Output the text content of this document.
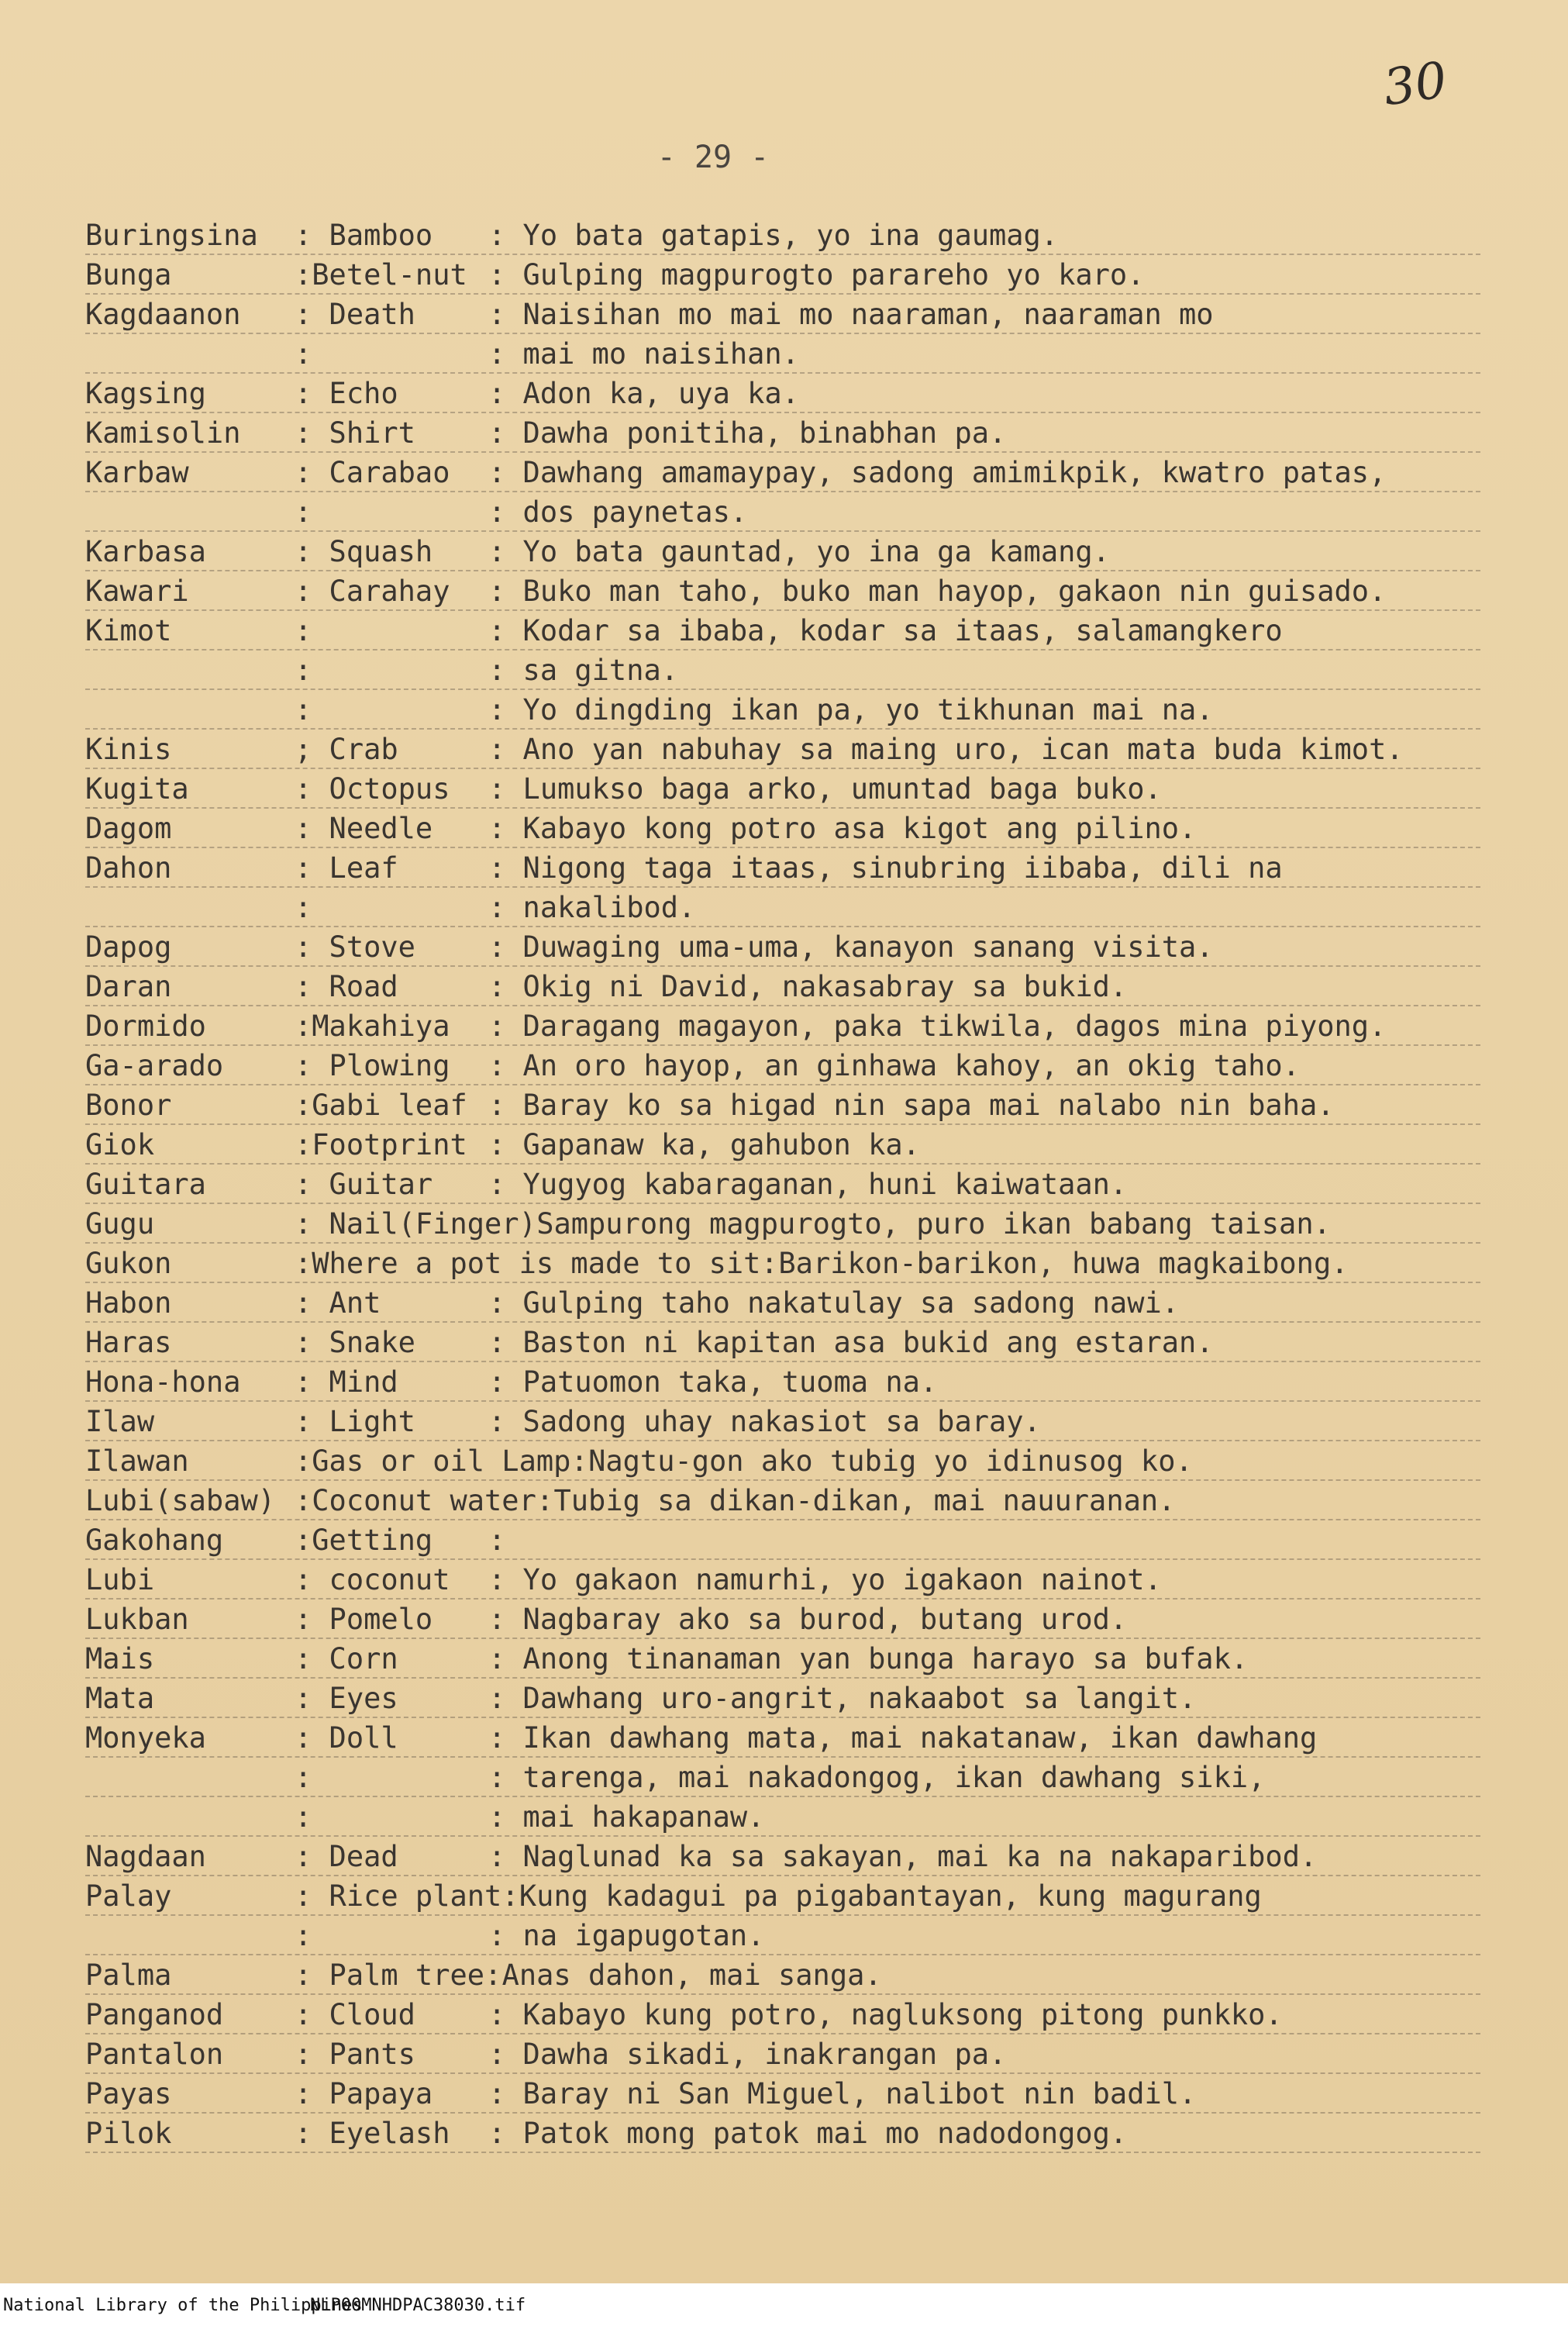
30
- 29 -
Buringsina	: Bamboo	: Yo bata gatapis, yo ina gaumag.
Bunga	:Betel-nut : Gulping magpurogto parareho yo karo.
Kagdaanon	: Death	: Naisihan mo mai mo naaraman, naaraman mo
:	: mai mo naisihan.
Kagsing	: Echo	: Adon ka, uya ka.
Kamisolin	: Shirt	: Dawha ponitiha, binabhan pa.
Karbaw	: Carabao	: Dawhang amamaypay, sadong amimikpik, kwatro patas,
:	: dos paynetas.
Karbasa	: Squash	: Yo bata gauntad, yo ina ga kamang.
Kawari	: Carahay	: Buko man taho, buko man hayop, gakaon nin guisado.
Kimot	:	: Kodar sa ibaba, kodar sa itaas, salamangkero
:	: sa gitna.
:	: Yo dingding ikan pa, yo tikhunan mai na.
Kinis	; Crab	: Ano yan nabuhay sa maing uro, ican mata buda kimot.
Kugita	: Octopus	: Lumukso baga arko, umuntad baga buko.
Dagom	: Needle	: Kabayo kong potro asa kigot ang pilino.
Dahon	: Leaf	: Nigong taga itaas, sinubring iibaba, dili na
:	: nakalibod.
Dapog	: Stove	: Duwaging uma-uma, kanayon sanang visita.
Daran	: Road	: Okig ni David, nakasabray sa bukid.
Dormido	:Makahiya	: Daragang magayon, paka tikwila, dagos mina piyong.
Ga-arado	: Plowing	: An oro hayop, an ginhawa kahoy, an okig taho.
Bonor	:Gabi leaf : Baray ko sa higad nin sapa mai nalabo nin baha.
Giok	:Footprint : Gapanaw ka, gahubon ka.
Guitara	: Guitar	: Yugyog kabaraganan, huni kaiwataan.
Gugu	: Nail(Finger) Sampurong magpurogto, puro ikan babang taisan.
Gukon	:Where a pot is made to sit: Barikon-barikon, huwa magkaibong.
Habon	: Ant	: Gulping taho nakatulay sa sadong nawi.
Haras	: Snake	: Baston ni kapitan asa bukid ang estaran.
Hona-hona	: Mind	: Patuomon taka, tuoma na.
Ilaw	: Light	: Sadong uhay nakasiot sa baray.
Ilawan	:Gas or oil Lamp: Nagtu-gon ako tubig yo idinusog ko.
Lubi(sabaw) :Coconut water: Tubig sa dikan-dikan, mai nauuranan.
Gakohang	:Getting	:
Lubi	: coconut	: Yo gakaon namurhi, yo igakaon nainot.
Lukban	: Pomelo	: Nagbaray ako sa burod, butang urod.
Mais	: Corn	: Anong tinanaman yan bunga harayo sa bufak.
Mata	: Eyes	: Dawhang uro-angrit, nakaabot sa langit.
Monyeka	: Doll	: Ikan dawhang mata, mai nakatanaw, ikan dawhang
:	: tarenga, mai nakadongog, ikan dawhang siki,
:	: mai hakapanaw.
Nagdaan	: Dead	: Naglunad ka sa sakayan, mai ka na nakaparibod.
Palay	: Rice plant: Kung kadagui pa pigabantayan, kung magurang
:	: na igapugotan.
Palma	: Palm tree: Anas dahon, mai sanga.
Panganod	: Cloud	: Kabayo kung potro, nagluksong pitong punkko.
Pantalon	: Pants	: Dawha sikadi, inakrangan pa.
Payas	: Papaya	: Baray ni San Miguel, nalibot nin badil.
Pilok	: Eyelash	: Patok mong patok mai mo nadodongog.
National Library of the Philippines
NLP00MNHDPAC38030.tif
